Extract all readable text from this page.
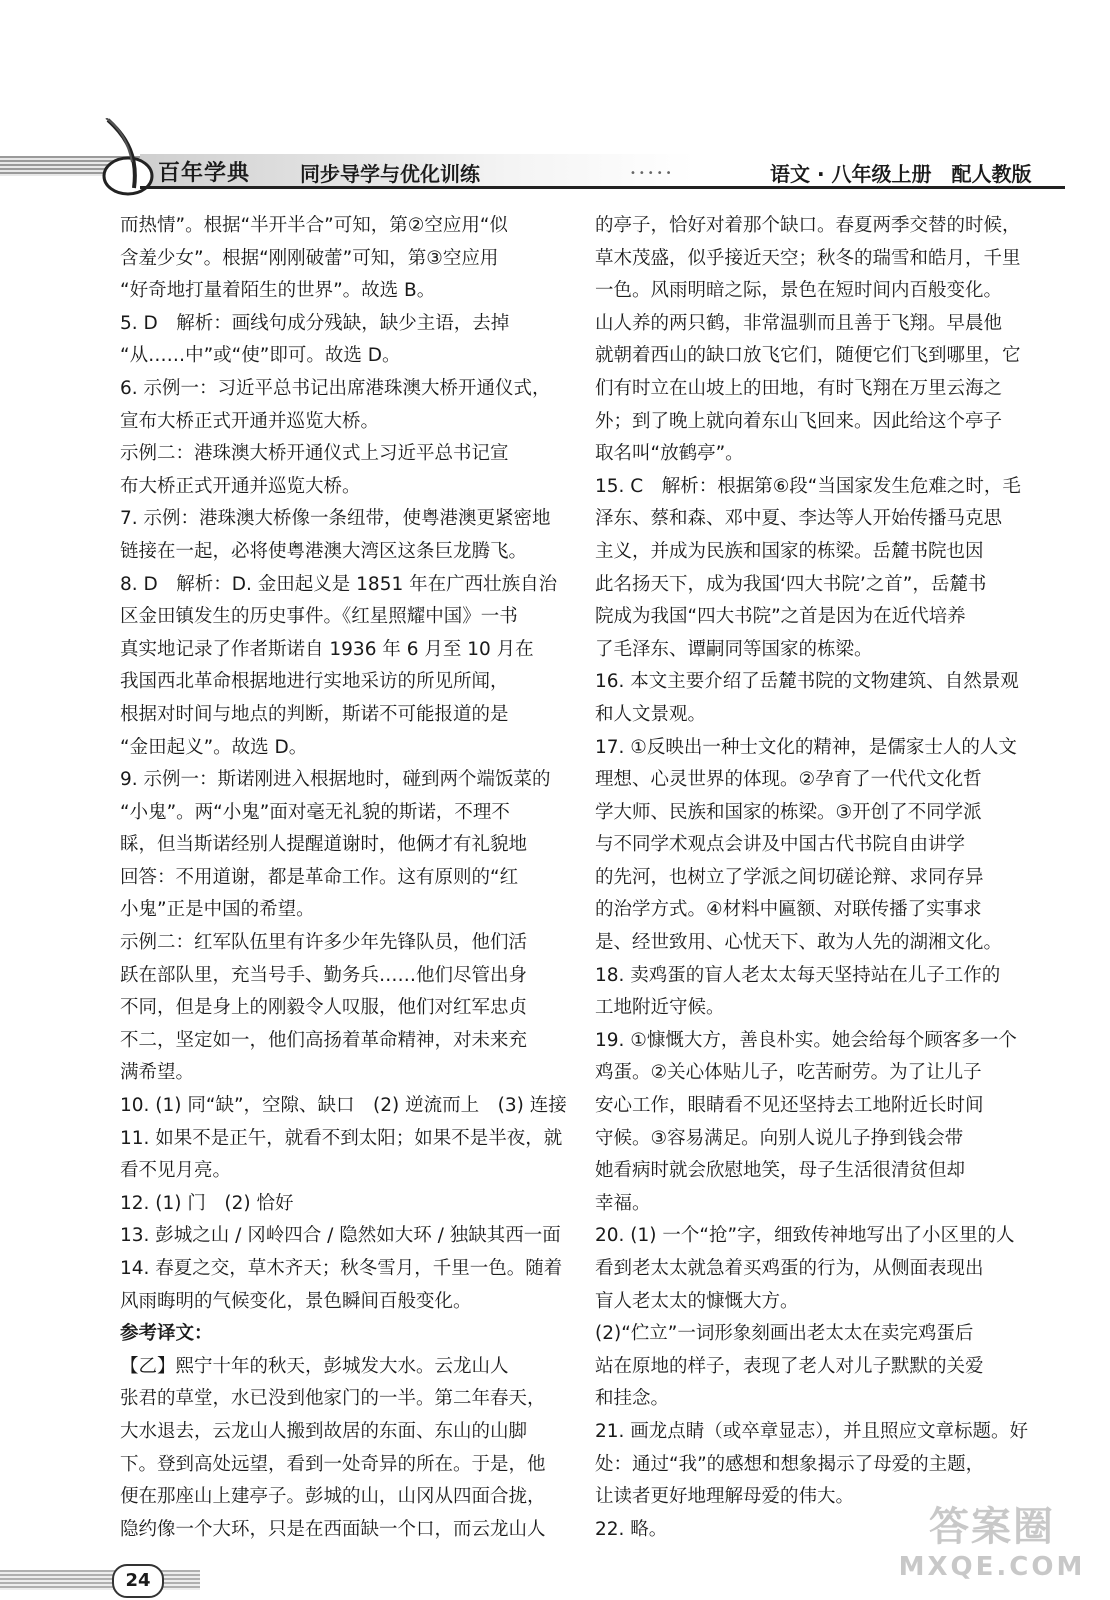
百年学典 同步导学与优化训练	•••••	语文 · 八年级上册　配人教版
而热情”。根据“半开半合”可知，第②空应用“似
含羞少女”。根据“刚刚破蕾”可知，第③空应用
“好奇地打量着陌生的世界”。故选 B。
5. D　解析：画线句成分残缺，缺少主语，去掉
“从……中”或“使”即可。故选 D。
6. 示例一：习近平总书记出席港珠澳大桥开通仪式，
宣布大桥正式开通并巡览大桥。
示例二：港珠澳大桥开通仪式上习近平总书记宣
布大桥正式开通并巡览大桥。
7. 示例：港珠澳大桥像一条纽带，使粤港澳更紧密地
链接在一起，必将使粤港澳大湾区这条巨龙腾飞。
8. D　解析：D. 金田起义是 1851 年在广西壮族自治
区金田镇发生的历史事件。《红星照耀中国》一书
真实地记录了作者斯诺自 1936 年 6 月至 10 月在
我国西北革命根据地进行实地采访的所见所闻，
根据对时间与地点的判断，斯诺不可能报道的是
“金田起义”。故选 D。
9. 示例一：斯诺刚进入根据地时，碰到两个端饭菜的
“小鬼”。两“小鬼”面对毫无礼貌的斯诺，不理不
睬，但当斯诺经别人提醒道谢时，他俩才有礼貌地
回答：不用道谢，都是革命工作。这有原则的“红
小鬼”正是中国的希望。
示例二：红军队伍里有许多少年先锋队员，他们活
跃在部队里，充当号手、勤务兵……他们尽管出身
不同，但是身上的刚毅令人叹服，他们对红军忠贞
不二，坚定如一，他们高扬着革命精神，对未来充
满希望。
10. (1) 同“缺”，空隙、缺口　(2) 逆流而上　(3) 连接
11. 如果不是正午，就看不到太阳；如果不是半夜，就
看不见月亮。
12. (1) 门　(2) 恰好
13. 彭城之山 / 冈岭四合 / 隐然如大环 / 独缺其西一面
14. 春夏之交，草木齐天；秋冬雪月，千里一色。随着
风雨晦明的气候变化，景色瞬间百般变化。
参考译文：
【乙】熙宁十年的秋天，彭城发大水。云龙山人
张君的草堂，水已没到他家门的一半。第二年春天，
大水退去，云龙山人搬到故居的东面、东山的山脚
下。登到高处远望，看到一处奇异的所在。于是，他
便在那座山上建亭子。彭城的山，山冈从四面合拢，
隐约像一个大环，只是在西面缺一个口，而云龙山人
的亭子，恰好对着那个缺口。春夏两季交替的时候，
草木茂盛，似乎接近天空；秋冬的瑞雪和皓月，千里
一色。风雨明暗之际，景色在短时间内百般变化。
山人养的两只鹤，非常温驯而且善于飞翔。早晨他
就朝着西山的缺口放飞它们，随便它们飞到哪里，它
们有时立在山坡上的田地，有时飞翔在万里云海之
外；到了晚上就向着东山飞回来。因此给这个亭子
取名叫“放鹤亭”。
15. C　解析：根据第⑥段“当国家发生危难之时，毛
泽东、蔡和森、邓中夏、李达等人开始传播马克思
主义，并成为民族和国家的栋梁。岳麓书院也因
此名扬天下，成为我国‘四大书院’之首”，岳麓书
院成为我国“四大书院”之首是因为在近代培养
了毛泽东、谭嗣同等国家的栋梁。
16. 本文主要介绍了岳麓书院的文物建筑、自然景观
和人文景观。
17. ①反映出一种士文化的精神，是儒家士人的人文
理想、心灵世界的体现。②孕育了一代代文化哲
学大师、民族和国家的栋梁。③开创了不同学派
与不同学术观点会讲及中国古代书院自由讲学
的先河，也树立了学派之间切磋论辩、求同存异
的治学方式。④材料中匾额、对联传播了实事求
是、经世致用、心忧天下、敢为人先的湖湘文化。
18. 卖鸡蛋的盲人老太太每天坚持站在儿子工作的
工地附近守候。
19. ①慷慨大方，善良朴实。她会给每个顾客多一个
鸡蛋。②关心体贴儿子，吃苦耐劳。为了让儿子
安心工作，眼睛看不见还坚持去工地附近长时间
守候。③容易满足。向别人说儿子挣到钱会带
她看病时就会欣慰地笑，母子生活很清贫但却
幸福。
20. (1) 一个“抢”字，细致传神地写出了小区里的人
看到老太太就急着买鸡蛋的行为，从侧面表现出
盲人老太太的慷慨大方。
(2)“伫立”一词形象刻画出老太太在卖完鸡蛋后
站在原地的样子，表现了老人对儿子默默的关爱
和挂念。
21. 画龙点睛（或卒章显志），并且照应文章标题。好
处：通过“我”的感想和想象揭示了母爱的主题，
让读者更好地理解母爱的伟大。
22. 略。
24
答案圈
MXQE.COM
